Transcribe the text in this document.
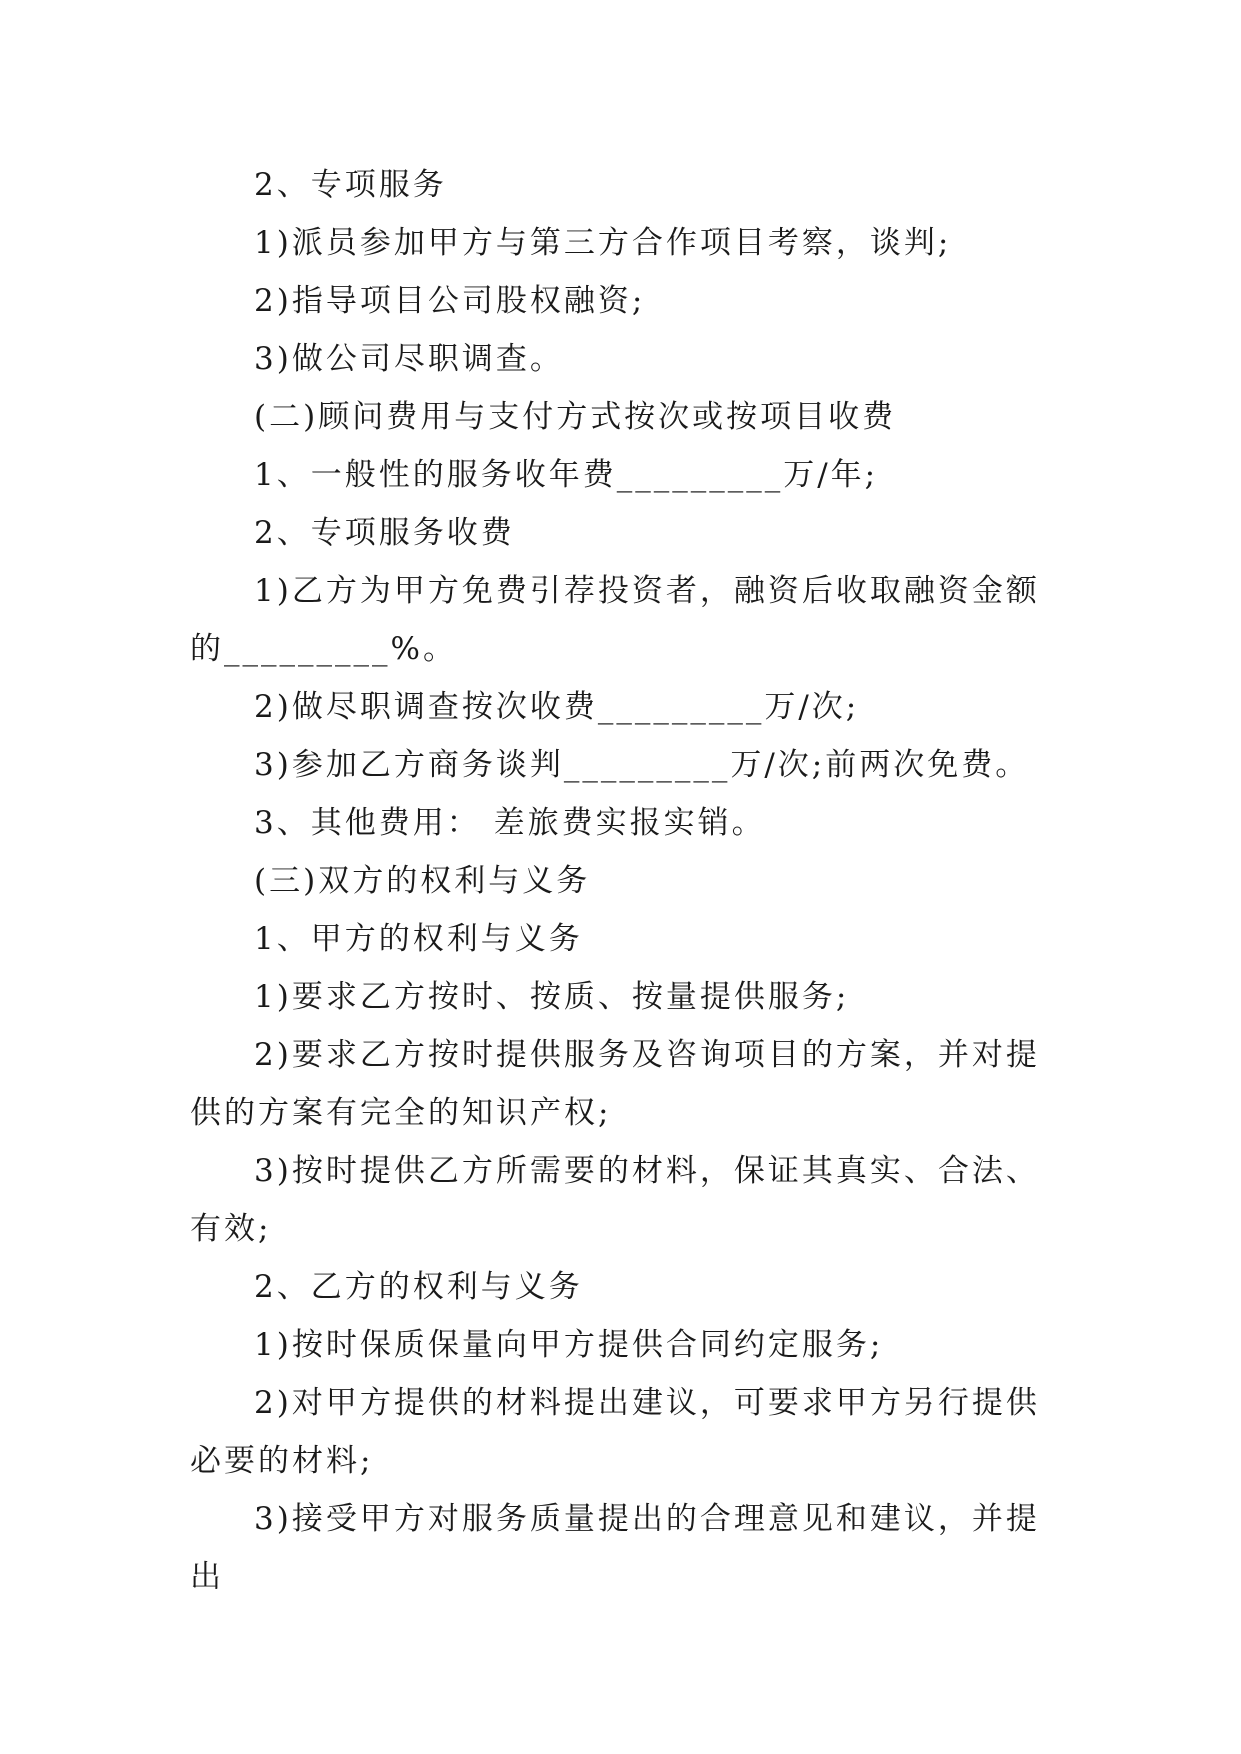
2、专项服务

1)派员参加甲方与第三方合作项目考察，谈判;

2)指导项目公司股权融资;

3)做公司尽职调查。

(二)顾问费用与支付方式按次或按项目收费

1、一般性的服务收年费_________万/年;

2、专项服务收费

1)乙方为甲方免费引荐投资者，融资后收取融资金额的_________%。

2)做尽职调查按次收费_________万/次;

3)参加乙方商务谈判_________万/次;前两次免费。

3、其他费用： 差旅费实报实销。

(三)双方的权利与义务

1、甲方的权利与义务

1)要求乙方按时、按质、按量提供服务;

2)要求乙方按时提供服务及咨询项目的方案，并对提供的方案有完全的知识产权;

3)按时提供乙方所需要的材料，保证其真实、合法、有效;

2、乙方的权利与义务

1)按时保质保量向甲方提供合同约定服务;

2)对甲方提供的材料提出建议，可要求甲方另行提供必要的材料;

3)接受甲方对服务质量提出的合理意见和建议，并提出
